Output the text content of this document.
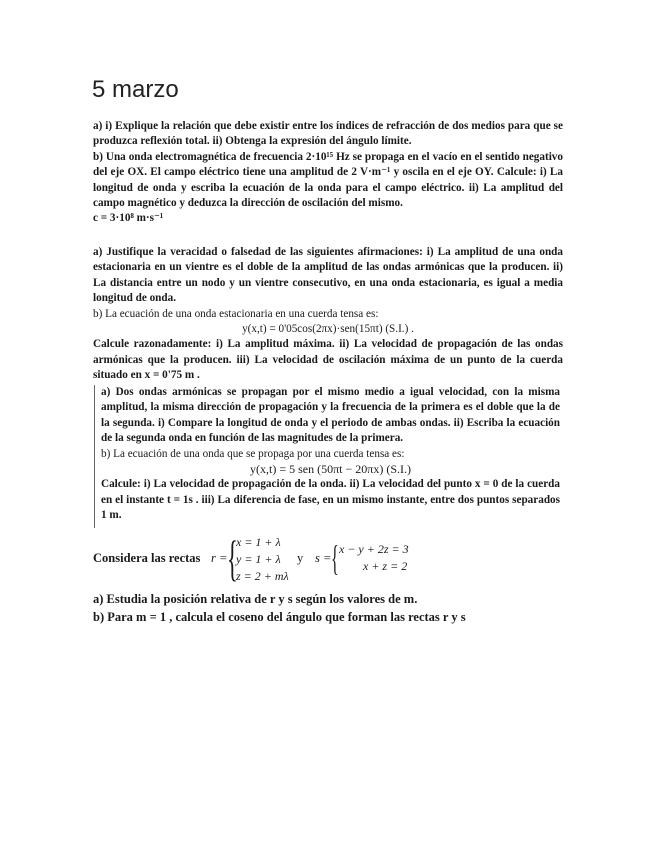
5 marzo

a) i) Explique la relación que debe existir entre los índices de refracción de dos medios para que se produzca reflexión total. ii) Obtenga la expresión del ángulo límite.

b) Una onda electromagnética de frecuencia 2·10¹⁵ Hz se propaga en el vacío en el sentido negativo del eje OX. El campo eléctrico tiene una amplitud de 2 V·m⁻¹ y oscila en el eje OY. Calcule: i) La longitud de onda y escriba la ecuación de la onda para el campo eléctrico. ii) La amplitud del campo magnético y deduzca la dirección de oscilación del mismo.

c = 3·10⁸ m·s⁻¹

a) Justifique la veracidad o falsedad de las siguientes afirmaciones: i) La amplitud de una onda estacionaria en un vientre es el doble de la amplitud de las ondas armónicas que la producen. ii) La distancia entre un nodo y un vientre consecutivo, en una onda estacionaria, es igual a media longitud de onda.

b) La ecuación de una onda estacionaria en una cuerda tensa es:

y(x,t) = 0'05cos(2πx)·sen(15πt) (S.I.) .

Calcule razonadamente: i) La amplitud máxima. ii) La velocidad de propagación de las ondas armónicas que la producen. iii) La velocidad de oscilación máxima de un punto de la cuerda situado en x = 0'75 m .

a) Dos ondas armónicas se propagan por el mismo medio a igual velocidad, con la misma amplitud, la misma dirección de propagación y la frecuencia de la primera es el doble que la de la segunda. i) Compare la longitud de onda y el periodo de ambas ondas. ii) Escriba la ecuación de la segunda onda en función de las magnitudes de la primera.

b) La ecuación de una onda que se propaga por una cuerda tensa es:

y(x,t) = 5 sen (50πt − 20πx) (S.I.)

Calcule: i) La velocidad de propagación de la onda. ii) La velocidad del punto x = 0 de la cuerda en el instante t = 1s . iii) La diferencia de fase, en un mismo instante, entre dos puntos separados 1 m.

Considera las rectas r = {
x = 1 + λ
y = 1 + λ
z = 2 + mλ
y s = { x − y + 2z = 3
x + z = 2
a) Estudia la posición relativa de r y s según los valores de m.
b) Para m = 1 , calcula el coseno del ángulo que forman las rectas r y s
